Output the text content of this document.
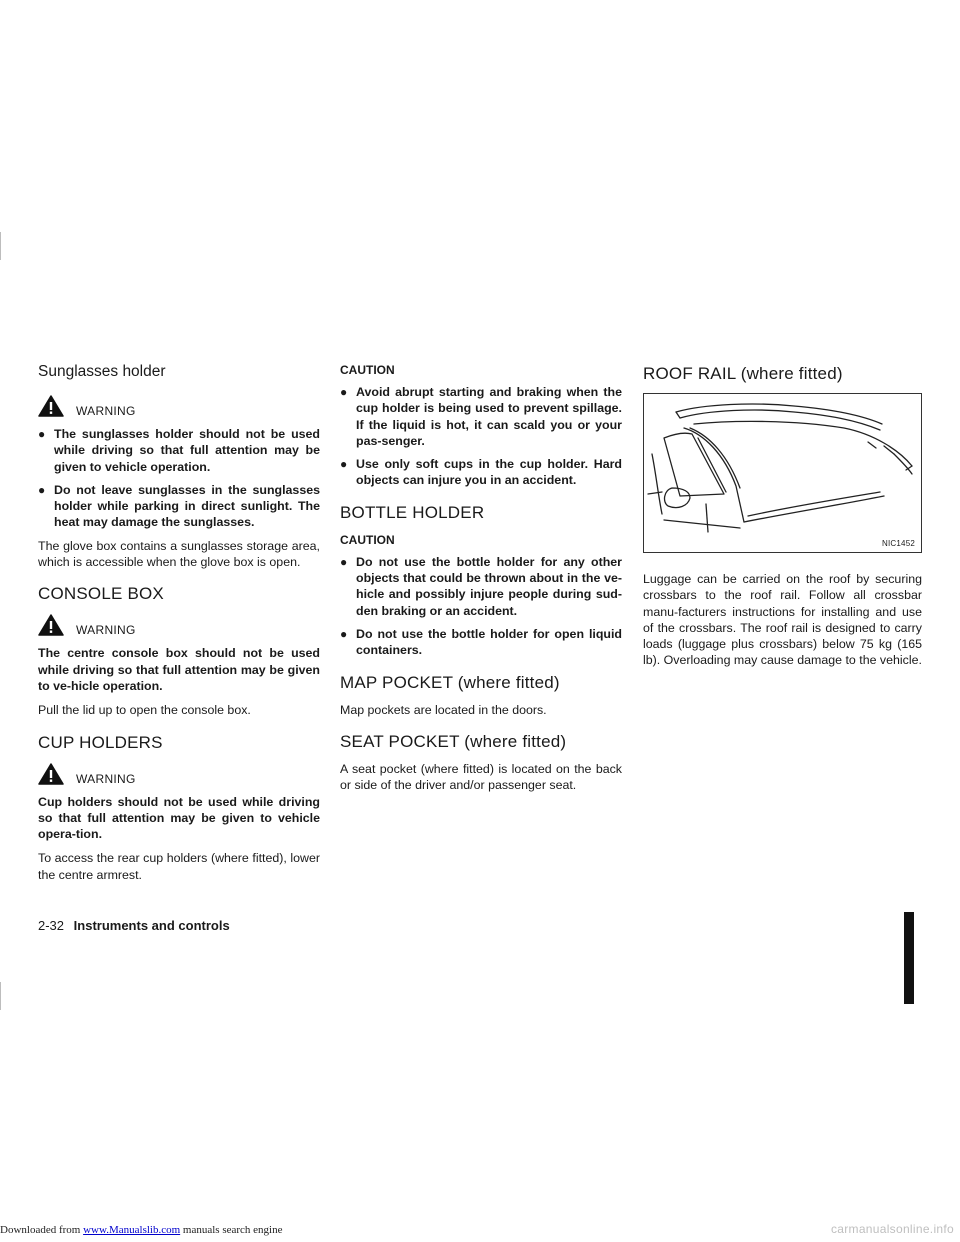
Sunglasses holder
WARNING
● The sunglasses holder should not be used while driving so that full attention may be given to vehicle operation.
● Do not leave sunglasses in the sunglasses holder while parking in direct sunlight. The heat may damage the sunglasses.

The glove box contains a sunglasses storage area, which is accessible when the glove box is open.

CONSOLE BOX
WARNING

The centre console box should not be used while driving so that full attention may be given to ve-hicle operation.

Pull the lid up to open the console box.

CUP HOLDERS
WARNING

Cup holders should not be used while driving so that full attention may be given to vehicle opera-tion.

To access the rear cup holders (where fitted), lower the centre armrest.

CAUTION
● Avoid abrupt starting and braking when the cup holder is being used to prevent spillage. If the liquid is hot, it can scald you or your pas-senger.
● Use only soft cups in the cup holder. Hard objects can injure you in an accident.
BOTTLE HOLDER
CAUTION
● Do not use the bottle holder for any other objects that could be thrown about in the ve-hicle and possibly injure people during sud-den braking or an accident.
● Do not use the bottle holder for open liquid containers.
MAP POCKET (where fitted)

Map pockets are located in the doors.

SEAT POCKET (where fitted)

A seat pocket (where fitted) is located on the back or side of the driver and/or passenger seat.

ROOF RAIL (where fitted)
NIC1452

Luggage can be carried on the roof by securing crossbars to the roof rail. Follow all crossbar manu-facturers instructions for installing and use of the crossbars. The roof rail is designed to carry loads (luggage plus crossbars) below 75 kg (165 lb). Overloading may cause damage to the vehicle.

2-32 Instruments and controls
Downloaded from www.Manualslib.com manuals search engine	carmanualsonline.info
